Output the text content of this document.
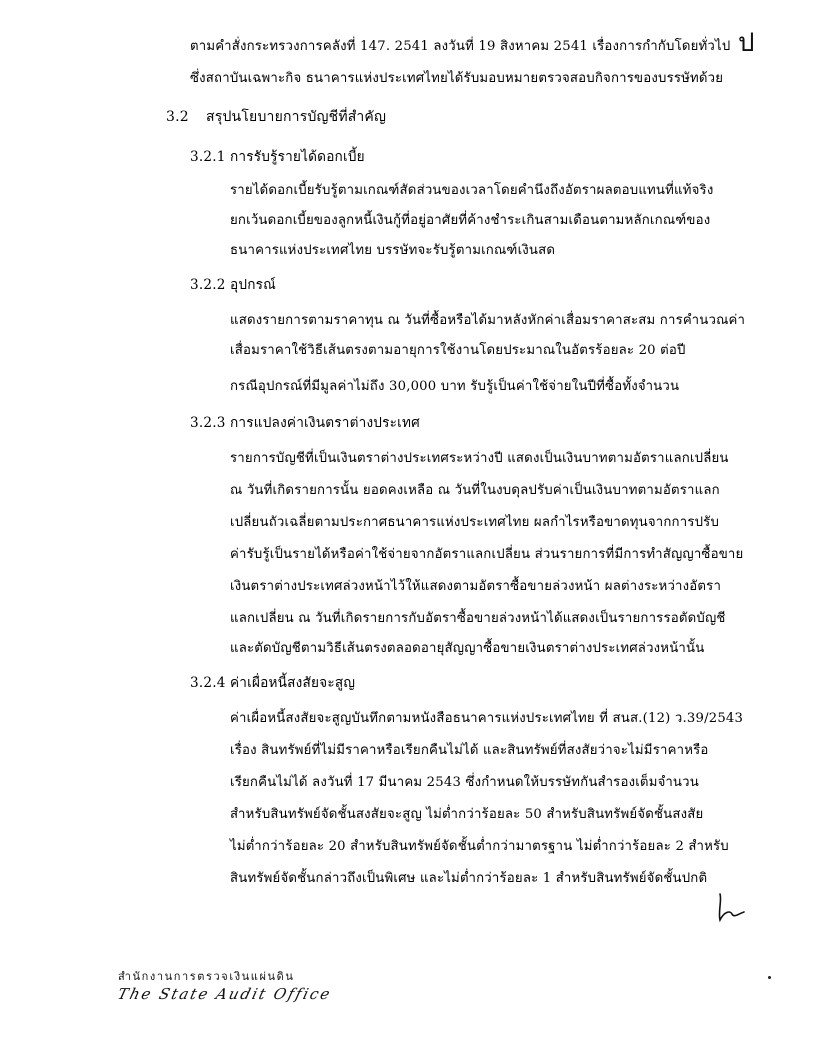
ตามคำสั่งกระทรวงการคลังที่ 147. 2541 ลงวันที่ 19 สิงหาคม 2541 เรื่องการกำกับโดยทั่วไป ป

ซึ่งสถาบันเฉพาะกิจ ธนาคารแห่งประเทศไทยได้รับมอบหมายตรวจสอบกิจการของบรรษัทด้วย

3.2 สรุปนโยบายการบัญชีที่สำคัญ

3.2.1 การรับรู้รายได้ดอกเบี้ย

รายได้ดอกเบี้ยรับรู้ตามเกณฑ์สัดส่วนของเวลาโดยคำนึงถึงอัตราผลตอบแทนที่แท้จริง

ยกเว้นดอกเบี้ยของลูกหนี้เงินกู้ที่อยู่อาศัยที่ค้างชำระเกินสามเดือนตามหลักเกณฑ์ของ

ธนาคารแห่งประเทศไทย บรรษัทจะรับรู้ตามเกณฑ์เงินสด

3.2.2 อุปกรณ์

แสดงรายการตามราคาทุน ณ วันที่ซื้อหรือได้มาหลังหักค่าเสื่อมราคาสะสม การคำนวณค่า

เสื่อมราคาใช้วิธีเส้นตรงตามอายุการใช้งานโดยประมาณในอัตรร้อยละ 20 ต่อปี

กรณีอุปกรณ์ที่มีมูลค่าไม่ถึง 30,000 บาท รับรู้เป็นค่าใช้จ่ายในปีที่ซื้อทั้งจำนวน

3.2.3 การแปลงค่าเงินตราต่างประเทศ

รายการบัญชีที่เป็นเงินตราต่างประเทศระหว่างปี แสดงเป็นเงินบาทตามอัตราแลกเปลี่ยน

ณ วันที่เกิดรายการนั้น ยอดคงเหลือ ณ วันที่ในงบดุลปรับค่าเป็นเงินบาทตามอัตราแลก

เปลี่ยนถัวเฉลี่ยตามประกาศธนาคารแห่งประเทศไทย ผลกำไรหรือขาดทุนจากการปรับ

ค่ารับรู้เป็นรายได้หรือค่าใช้จ่ายจากอัตราแลกเปลี่ยน ส่วนรายการที่มีการทำสัญญาซื้อขาย

เงินตราต่างประเทศล่วงหน้าไว้ให้แสดงตามอัตราซื้อขายล่วงหน้า ผลต่างระหว่างอัตรา

แลกเปลี่ยน ณ วันที่เกิดรายการกับอัตราซื้อขายล่วงหน้าได้แสดงเป็นรายการรอตัดบัญชี

และตัดบัญชีตามวิธีเส้นตรงตลอดอายุสัญญาซื้อขายเงินตราต่างประเทศล่วงหน้านั้น

3.2.4 ค่าเผื่อหนี้สงสัยจะสูญ

ค่าเผื่อหนี้สงสัยจะสูญบันทึกตามหนังสือธนาคารแห่งประเทศไทย ที่ สนส.(12) ว.39/2543

เรื่อง สินทรัพย์ที่ไม่มีราคาหรือเรียกคืนไม่ได้ และสินทรัพย์ที่สงสัยว่าจะไม่มีราคาหรือ

เรียกคืนไม่ได้ ลงวันที่ 17 มีนาคม 2543 ซึ่งกำหนดให้บรรษัทกันสำรองเต็มจำนวน

สำหรับสินทรัพย์จัดชั้นสงสัยจะสูญ ไม่ต่ำกว่าร้อยละ 50 สำหรับสินทรัพย์จัดชั้นสงสัย

ไม่ต่ำกว่าร้อยละ 20 สำหรับสินทรัพย์จัดชั้นต่ำกว่ามาตรฐาน ไม่ต่ำกว่าร้อยละ 2 สำหรับ

สินทรัพย์จัดชั้นกล่าวถึงเป็นพิเศษ และไม่ต่ำกว่าร้อยละ 1 สำหรับสินทรัพย์จัดชั้นปกติ

สำนักงานการตรวจเงินแผ่นดิน
The State Audit Office
